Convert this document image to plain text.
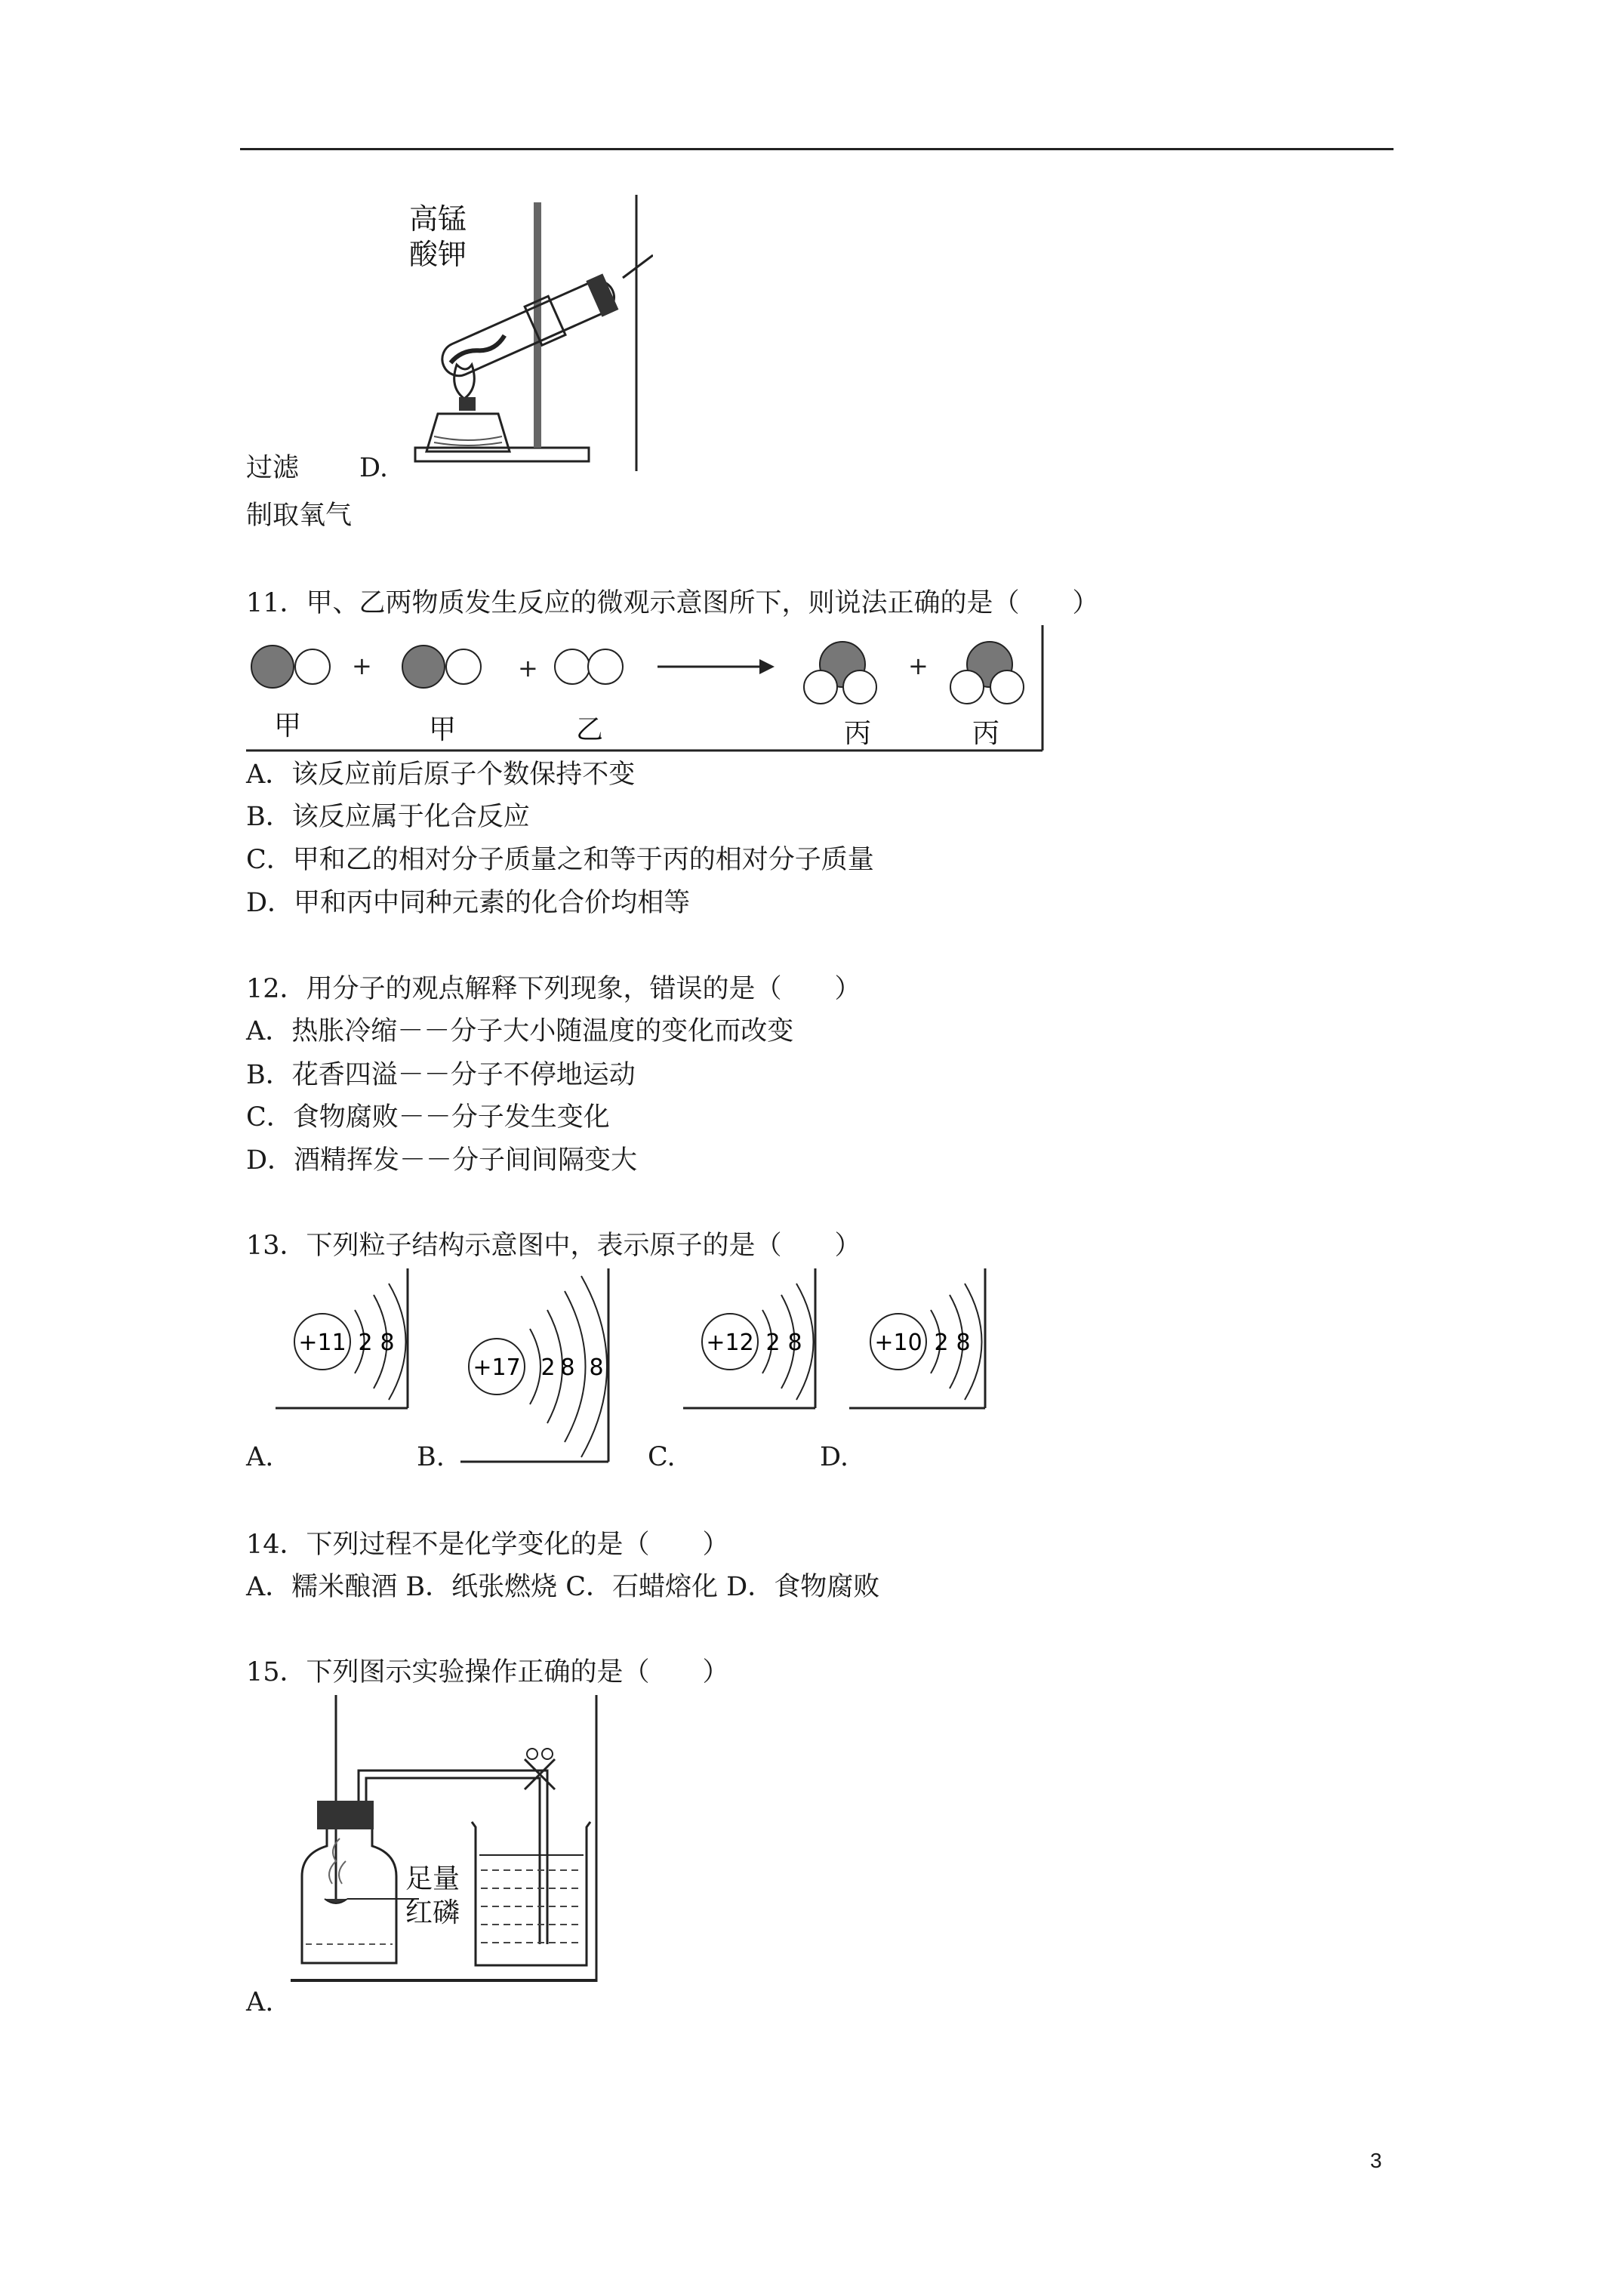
高锰
酸钾
过滤 D.
制取氧气
11．甲、乙两物质发生反应的微观示意图所下，则说法正确的是（　　）
+	+	+
甲	甲	乙	丙	丙
A．该反应前后原子个数保持不变
B．该反应属于化合反应
C．甲和乙的相对分子质量之和等于丙的相对分子质量
D．甲和丙中同种元素的化合价均相等
12．用分子的观点解释下列现象，错误的是（　　）
A．热胀冷缩－－分子大小随温度的变化而改变
B．花香四溢－－分子不停地运动
C．食物腐败－－分子发生变化
D．酒精挥发－－分子间间隔变大
13．下列粒子结构示意图中，表示原子的是（　　）
+11 2 8
+17 2 8 8
+12 2 8	+10 2 8
A.	B.	C.	D.
14．下列过程不是化学变化的是（　　）
A．糯米酿酒 B．纸张燃烧 C．石蜡熔化 D．食物腐败
15．下列图示实验操作正确的是（　　）
足量
红磷
A.
3
